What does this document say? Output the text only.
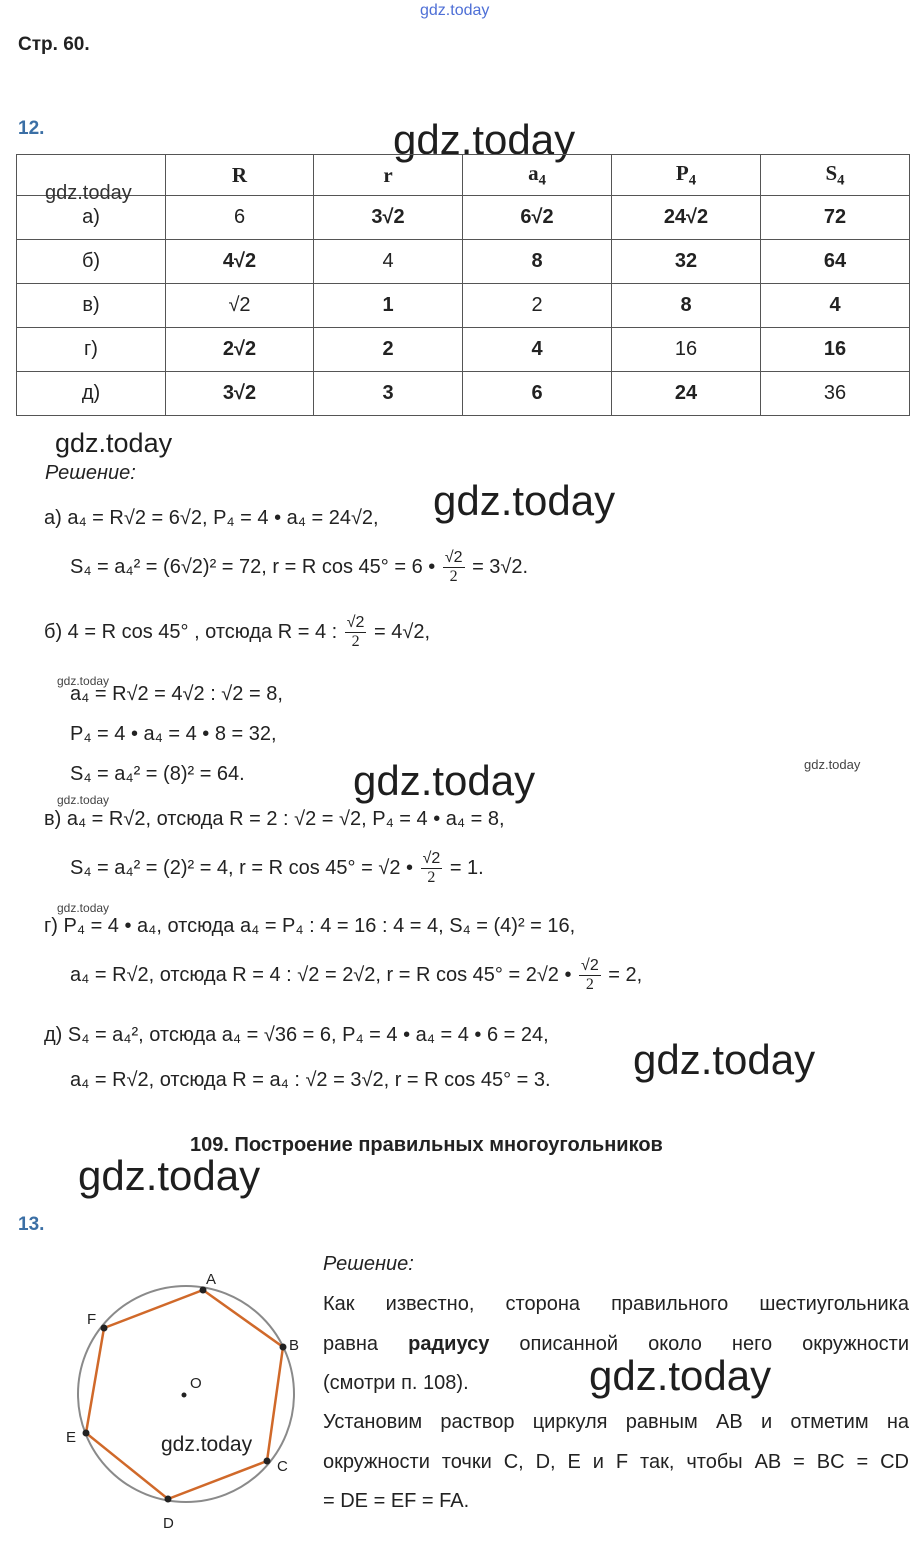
gdz.today
Стр. 60.
12.	gdz.today
	R	r	$a_4$	$P_4$	$S_4$
а)	6	3√2	6√2	24√2	72
б)	4√2	4	8	32	64
в)	√2	1	2	8	4
г)	2√2	2	4	16	16
д)	3√2	3	6	24	36
gdz.today
gdz.today
Решение:
а) a₄ = R√2 = 6√2, P₄ = 4 • a₄ = 24√2, gdz.today
S₄ = a₄² = (6√2)² = 72, r = R cos 45° = 6 • $\frac{√2}{2} = 3√2$.
б) 4 = R cos 45° , отсюда R = 4 : $\frac{√2}{2} = 4√2$,
gdz.today
a₄ = R√2 = 4√2 : √2 = 8,
P₄ = 4 • a₄ = 4 • 8 = 32,
S₄ = a₄² = (8)² = 64.	gdz.today	gdz.today
gdz.today
в) a₄ = R√2, отсюда R = 2 : √2 = √2, P₄ = 4 • a₄ = 8,
S₄ = a₄² = (2)² = 4, r = R cos 45° = √2 • $\frac{√2}{2} = 1$.
gdz.today
г) P₄ = 4 • a₄, отсюда a₄ = P₄ : 4 = 16 : 4 = 4, S₄ = (4)² = 16,
a₄ = R√2, отсюда R = 4 : √2 = 2√2, r = R cos 45° = 2√2 • $\frac{√2}{2} = 2$,
д) S₄ = a₄², отсюда a₄ = √36 = 6, P₄ = 4 • a₄ = 4 • 6 = 24,
a₄ = R√2, отсюда R = a₄ : √2 = 3√2, r = R cos 45° = 3. gdz.today
109. Построение правильных многоугольников
gdz.today
13.
A
B
C
D
E
F
O
gdz.today
Решение:
Как известно, сторона правильного шестиугольника
равна радиусу описанной около него окружности
(смотри п. 108).	gdz.today
Установим раствор циркуля равным AB и отметим на
окружности точки C, D, E и F так, чтобы AB = BC = CD
= DE = EF = FA.
